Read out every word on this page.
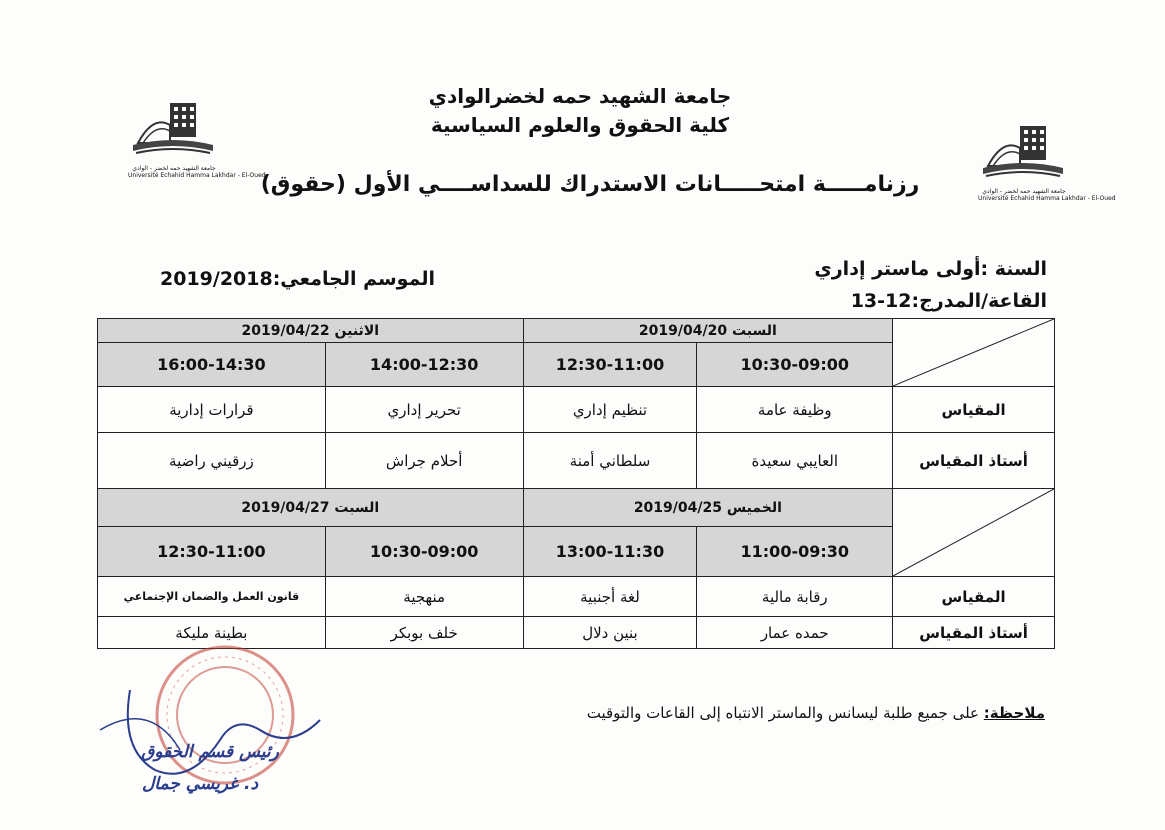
جامعة الشهيد حمه لخضرالوادي
كلية الحقوق والعلوم السياسية
رزنامـــــة امتحـــــانات الاستدراك للسداســــي الأول (حقوق)
جامعة الشهيد حمه لخضر - الوادي
Université Echahid Hamma Lakhdar - El-Oued
جامعة الشهيد حمه لخضر - الوادي
Université Echahid Hamma Lakhdar - El-Oued
السنة :أولى ماستر إداري
القاعة/المدرج:12-13
الموسم الجامعي:2019/2018
	السبت 2019/04/20		الاثنين 2019/04/22	
	10:30-09:00	12:30-11:00	14:00-12:30	16:00-14:30
المقياس	وظيفة عامة	تنظيم إداري	تحرير إداري	قرارات إدارية
أستاذ المقياس	العايبي سعيدة	سلطاني أمنة	أحلام جراش	زرقيني راضية

	الخميس 2019/04/25		السبت 2019/04/27	
	11:00-09:30	13:00-11:30	10:30-09:00	12:30-11:00
المقياس	رقابة مالية	لغة أجنبية	منهجية	قانون العمل والضمان الإجتماعي
أستاذ المقياس	حمده عمار	بنين دلال	خلف بوبكر	بطينة مليكة
ملاحظة: على جميع طلبة ليسانس والماستر الانتباه إلى القاعات والتوقيت
رئيس قسم الحقوق
د. غريسي جمال
